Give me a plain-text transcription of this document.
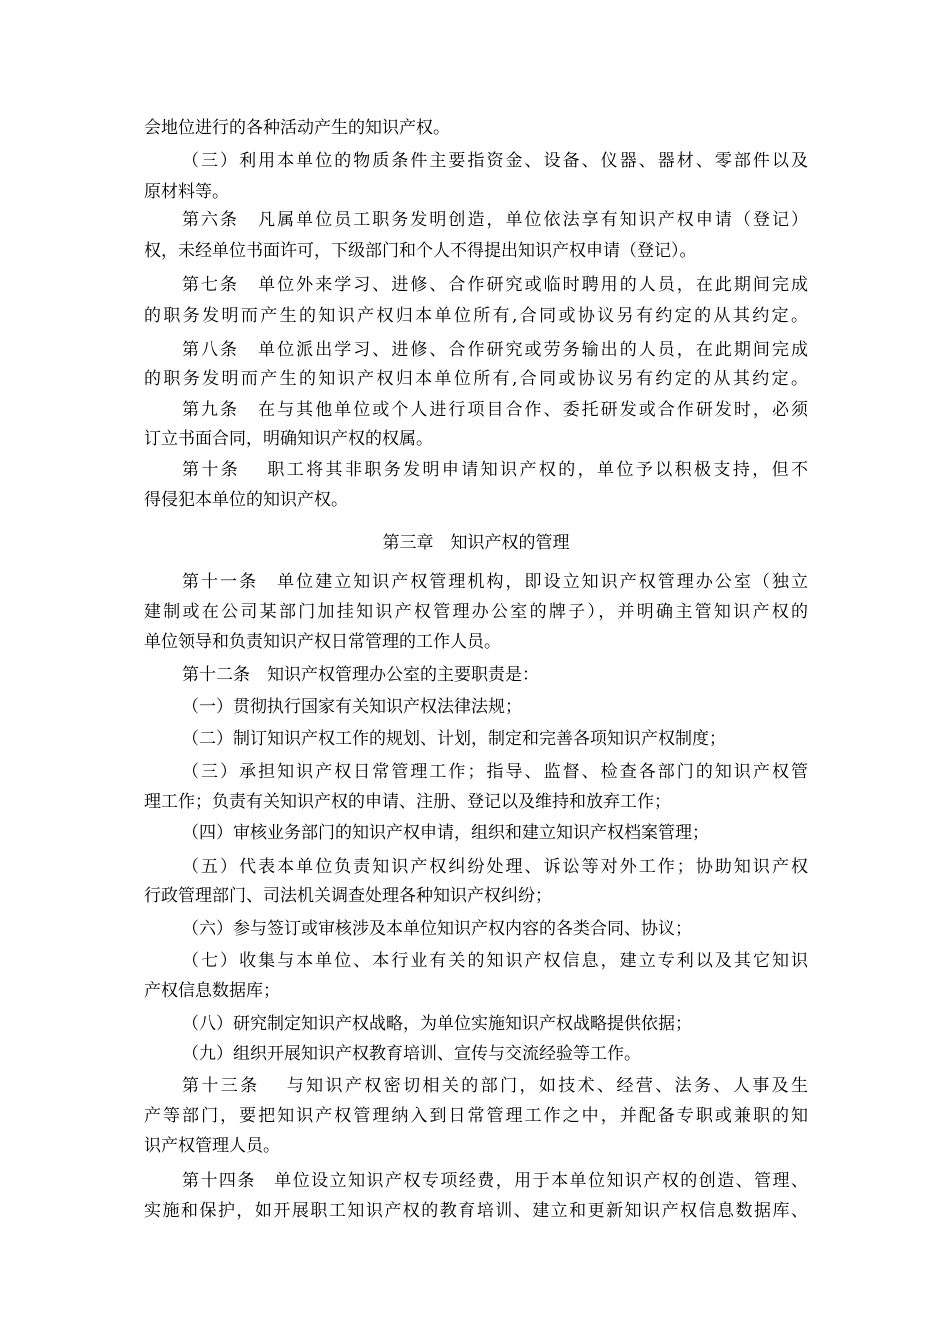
会地位进行的各种活动产生的知识产权。
（三）利用本单位的物质条件主要指资金、设备、仪器、器材、零部件以及
原材料等。
第六条　凡属单位员工职务发明创造，单位依法享有知识产权申请（登记）
权，未经单位书面许可，下级部门和个人不得提出知识产权申请（登记）。
第七条　单位外来学习、进修、合作研究或临时聘用的人员，在此期间完成
的职务发明而产生的知识产权归本单位所有,合同或协议另有约定的从其约定。
第八条　单位派出学习、进修、合作研究或劳务输出的人员，在此期间完成
的职务发明而产生的知识产权归本单位所有,合同或协议另有约定的从其约定。
第九条　在与其他单位或个人进行项目合作、委托研发或合作研发时，必须
订立书面合同，明确知识产权的权属。
第十条　 职工将其非职务发明申请知识产权的，单位予以积极支持，但不
得侵犯本单位的知识产权。
第三章　知识产权的管理
第十一条　单位建立知识产权管理机构，即设立知识产权管理办公室（独立
建制或在公司某部门加挂知识产权管理办公室的牌子），并明确主管知识产权的
单位领导和负责知识产权日常管理的工作人员。
第十二条　知识产权管理办公室的主要职责是：
（一）贯彻执行国家有关知识产权法律法规；
（二）制订知识产权工作的规划、计划，制定和完善各项知识产权制度；
（三）承担知识产权日常管理工作；指导、监督、检查各部门的知识产权管
理工作；负责有关知识产权的申请、注册、登记以及维持和放弃工作；
（四）审核业务部门的知识产权申请，组织和建立知识产权档案管理；
（五）代表本单位负责知识产权纠纷处理、诉讼等对外工作；协助知识产权
行政管理部门、司法机关调查处理各种知识产权纠纷；
（六）参与签订或审核涉及本单位知识产权内容的各类合同、协议；
（七）收集与本单位、本行业有关的知识产权信息，建立专利以及其它知识
产权信息数据库；
（八）研究制定知识产权战略，为单位实施知识产权战略提供依据；
（九）组织开展知识产权教育培训、宣传与交流经验等工作。
第十三条　 与知识产权密切相关的部门，如技术、经营、法务、人事及生
产等部门，要把知识产权管理纳入到日常管理工作之中，并配备专职或兼职的知
识产权管理人员。
第十四条　单位设立知识产权专项经费，用于本单位知识产权的创造、管理、
实施和保护，如开展职工知识产权的教育培训、建立和更新知识产权信息数据库、
